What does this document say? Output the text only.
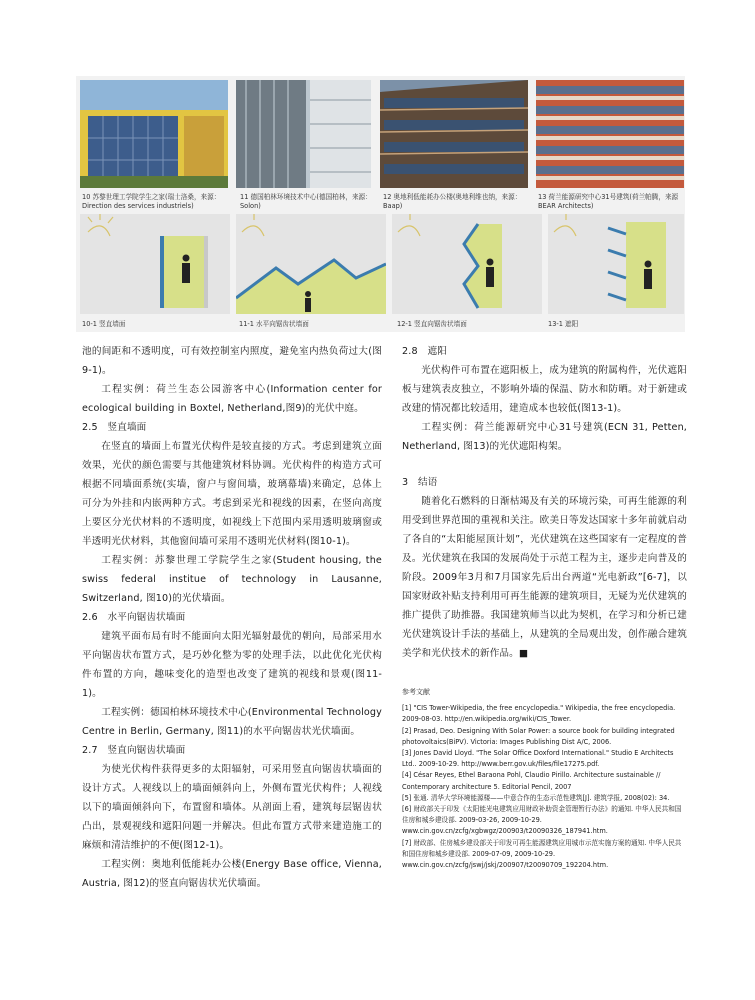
10 苏黎世理工学院学生之家(瑞士洛桑，来源：Direction des services industriels)
11 德国柏林环境技术中心(德国柏林，来源：Solon)
12 奥地利低能耗办公楼(奥地利维也纳，来源：Baap)
13 荷兰能源研究中心31号建筑(荷兰帕腾，来源 BEAR Architects)
10-1 竖直墙面	11-1 水平向锯齿状墙面	12-1 竖直向锯齿状墙面	13-1 遮阳

池的间距和不透明度，可有效控制室内照度，避免室内热负荷过大(图9-1)。

工程实例：荷兰生态公园游客中心(Information center for ecological building in Boxtel, Netherland,图9)的光伏中庭。

2.5　竖直墙面

在竖直的墙面上布置光伏构件是较直接的方式。考虑到建筑立面效果，光伏的颜色需要与其他建筑材料协调。光伏构件的构造方式可根据不同墙面系统(实墙，窗户与窗间墙，玻璃幕墙)来确定，总体上可分为外挂和内嵌两种方式。考虑到采光和视线的因素，在竖向高度上要区分光伏材料的不透明度，如视线上下范围内采用透明玻璃窗或半透明光伏材料，其他窗间墙可采用不透明光伏材料(图10-1)。

工程实例：苏黎世理工学院学生之家(Student housing, the swiss federal institue of technology in Lausanne, Switzerland, 图10)的光伏墙面。

2.6　水平向锯齿状墙面

建筑平面布局有时不能面向太阳光辐射最优的朝向，局部采用水平向锯齿状布置方式，是巧妙化整为零的处理手法，以此优化光伏构件布置的方向，趣味变化的造型也改变了建筑的视线和景观(图11-1)。

工程实例：德国柏林环境技术中心(Environmental Technology Centre in Berlin, Germany, 图11)的水平向锯齿状光伏墙面。

2.7　竖直向锯齿状墙面

为使光伏构件获得更多的太阳辐射，可采用竖直向锯齿状墙面的设计方式。人视线以上的墙面倾斜向上，外侧布置光伏构件；人视线以下的墙面倾斜向下，布置窗和墙体。从剖面上看，建筑每层锯齿状凸出，景观视线和遮阳问题一并解决。但此布置方式带来建造施工的麻烦和清洁维护的不便(图12-1)。

工程实例：奥地利低能耗办公楼(Energy Base office, Vienna, Austria, 图12)的竖直向锯齿状光伏墙面。

2.8　遮阳

光伏构件可布置在遮阳板上，成为建筑的附属构件，光伏遮阳板与建筑表皮独立，不影响外墙的保温、防水和防晒。对于新建或改建的情况都比较适用，建造成本也较低(图13-1)。

工程实例：荷兰能源研究中心31号建筑(ECN 31, Petten, Netherland, 图13)的光伏遮阳构架。

3　结语

随着化石燃料的日渐枯竭及有关的环境污染，可再生能源的利用受到世界范围的重视和关注。欧美日等发达国家十多年前就启动了各自的“太阳能屋顶计划”，光伏建筑在这些国家有一定程度的普及。光伏建筑在我国的发展尚处于示范工程为主，逐步走向普及的阶段。2009年3月和7月国家先后出台两道“光电新政”[6-7]，以国家财政补贴支持利用可再生能源的建筑项目，无疑为光伏建筑的推广提供了助推器。我国建筑师当以此为契机，在学习和分析已建光伏建筑设计手法的基础上，从建筑的全局观出发，创作融合建筑美学和光伏技术的新作品。■

参考文献

[1] "CIS Tower-Wikipedia, the free encyclopedia." Wikipedia, the free encyclopedia. 2009-08-03. http://en.wikipedia.org/wiki/CIS_Tower.

[2] Prasad, Deo. Designing With Solar Power: a source book for building integrated photovoltaics(BiPV). Victoria: Images Publishing Dist A/C, 2006.

[3] Jones David Lloyd. "The Solar Office Doxford International." Studio E Architects Ltd.. 2009-10-29. http://www.berr.gov.uk/files/file17275.pdf.

[4] César Reyes, Ethel Baraona Pohl, Claudio Pirillo. Architecture sustainable // Contemporary architecture 5. Editorial Pencil, 2007

[5] 张通. 清华大学环境能源楼——中意合作的生态示范性建筑[J]. 建筑学报, 2008(02): 34.

[6] 财政部关于印发《太阳能光电建筑应用财政补助资金管理暂行办法》的通知. 中华人民共和国住房和城乡建设部. 2009-03-26, 2009-10-29. www.cin.gov.cn/zcfg/xgbwgz/200903/t20090326_187941.htm.

[7] 财政部、住房城乡建设部关于印发可再生能源建筑应用城市示范实施方案的通知. 中华人民共和国住房和城乡建设部. 2009-07-09, 2009-10-29. www.cin.gov.cn/zcfg/jswj/jskj/200907/t20090709_192204.htm.
